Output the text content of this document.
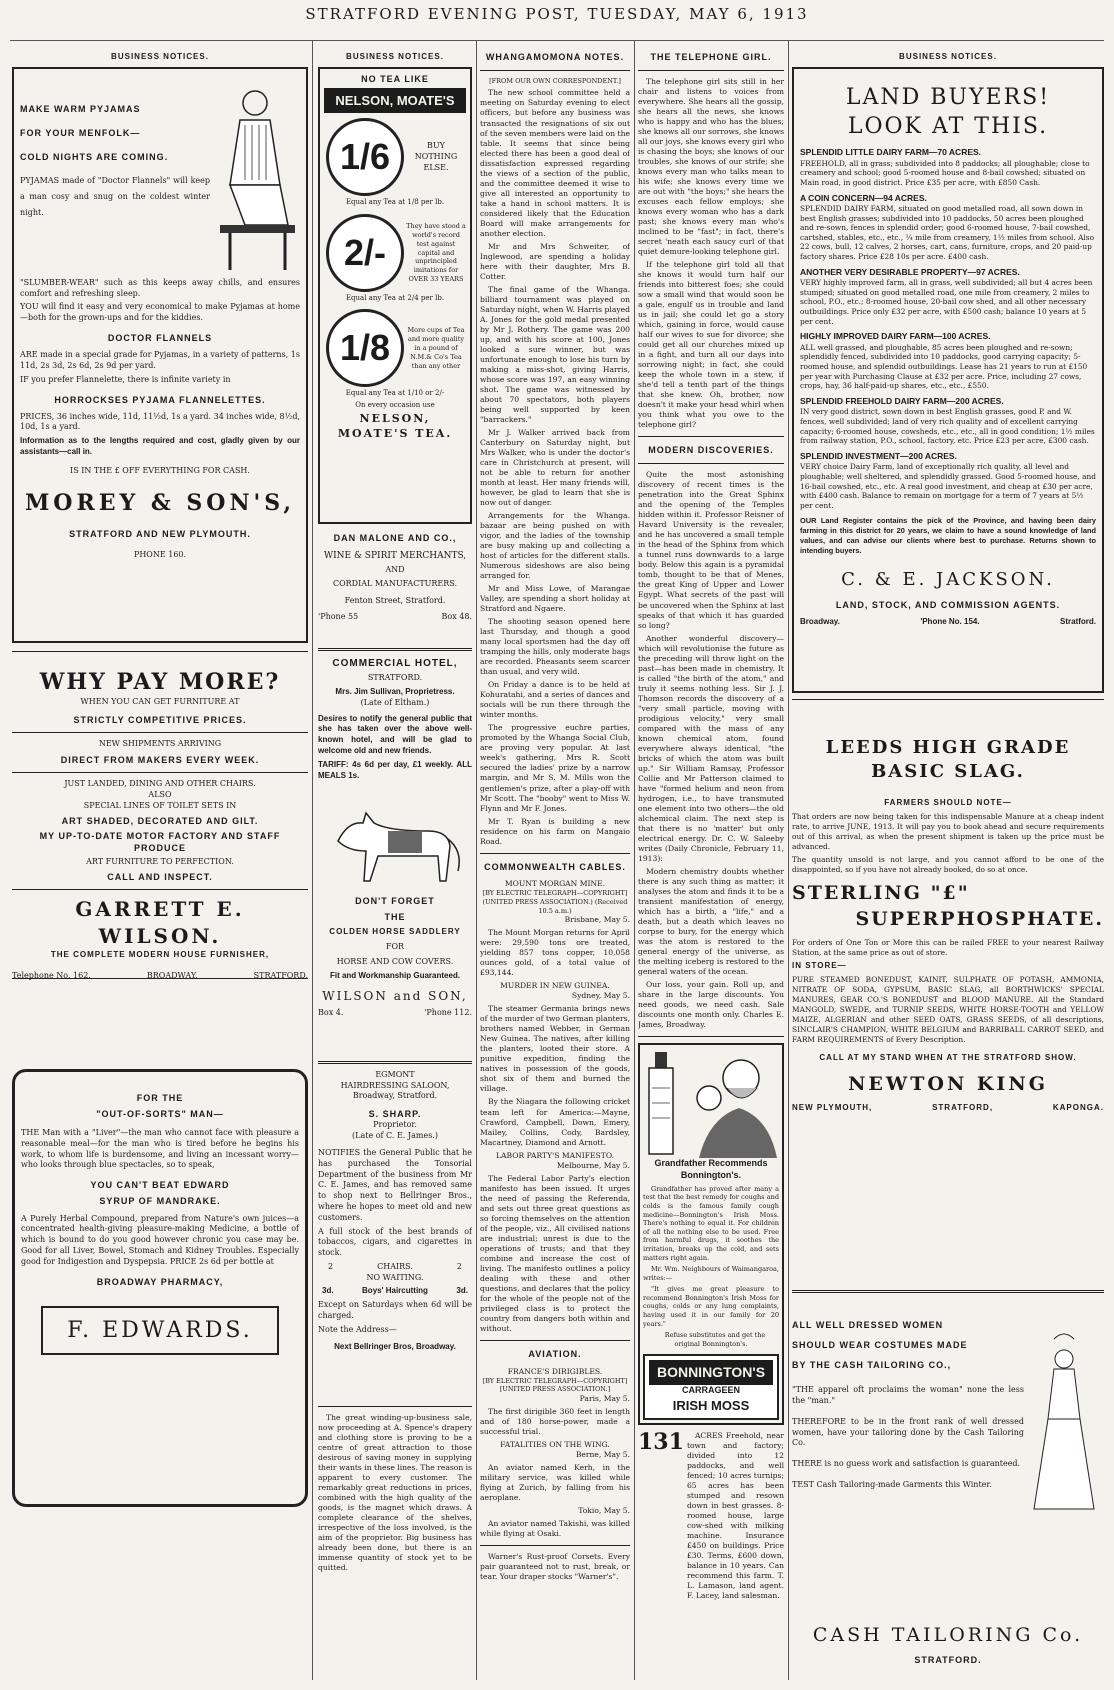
STRATFORD EVENING POST, TUESDAY, MAY 6, 1913
BUSINESS NOTICES.
MAKE WARM PYJAMAS
FOR YOUR MENFOLK—
COLD NIGHTS ARE COMING.

PYJAMAS made of "Doctor Flannels" will keep a man cosy and snug on the coldest winter night.

"SLUMBER-WEAR" such as this keeps away chills, and ensures comfort and refreshing sleep.

YOU will find it easy and very economical to make Pyjamas at home—both for the grown-ups and for the kiddies.

DOCTOR FLANNELS

ARE made in a special grade for Pyjamas, in a variety of patterns, 1s 11d, 2s 3d, 2s 6d, 2s 9d per yard.

IF you prefer Flannelette, there is infinite variety in

HORROCKSES PYJAMA FLANNELETTES.

PRICES, 36 inches wide, 11d, 11½d, 1s a yard. 34 inches wide, 8½d, 10d, 1s a yard.

Information as to the lengths required and cost, gladly given by our assistants—call in.

IS IN THE £ OFF EVERYTHING FOR CASH.

MOREY & SON'S,
STRATFORD AND NEW PLYMOUTH.
PHONE 160.
WHY PAY MORE?
WHEN YOU CAN GET FURNITURE AT
STRICTLY COMPETITIVE PRICES.
NEW SHIPMENTS ARRIVING
DIRECT FROM MAKERS EVERY WEEK.
JUST LANDED, DINING AND OTHER CHAIRS.
ALSO
SPECIAL LINES OF TOILET SETS IN
ART SHADED, DECORATED AND GILT.
MY UP-TO-DATE MOTOR FACTORY AND STAFF PRODUCE
ART FURNITURE TO PERFECTION.
CALL AND INSPECT.
GARRETT E. WILSON.
THE COMPLETE MODERN HOUSE FURNISHER,
Telephone No. 162.	BROADWAY,	STRATFORD.
FOR THE
"OUT-OF-SORTS" MAN—

THE Man with a "Liver"—the man who cannot face with pleasure a reasonable meal—for the man who is tired before he begins his work, to whom life is burdensome, and living an incessant worry—who looks through blue spectacles, so to speak,

YOU CAN'T BEAT EDWARD
SYRUP OF MANDRAKE.

A Purely Herbal Compound, prepared from Nature's own juices—a concentrated health-giving pleasure-making Medicine, a bottle of which is bound to do you good however chronic you case may be. Good for all Liver, Bowel, Stomach and Kidney Troubles. Especially good for Indigestion and Dyspepsia. PRICE 2s 6d per bottle at

BROADWAY PHARMACY,
F. EDWARDS.
BUSINESS NOTICES.
NO TEA LIKE
NELSON, MOATE'S
1/6	BUY NOTHING ELSE.
Equal any Tea at 1/8 per lb.
2/-
They have stood a world's record test against capital and unprincipled imitations for OVER 33 YEARS
Equal any Tea at 2/4 per lb.
1/8	More cups of Tea and more quality in a pound of N.M.& Co's Tea than any other
Equal any Tea at 1/10 or 2/-
On every occasion use
NELSON, MOATE'S TEA.
DAN MALONE AND CO.,
WINE & SPIRIT MERCHANTS,
AND
CORDIAL MANUFACTURERS.
Fenton Street, Stratford.
'Phone 55	Box 48.
COMMERCIAL HOTEL,
STRATFORD.
Mrs. Jim Sullivan, Proprietress.
(Late of Eltham.)

Desires to notify the general public that she has taken over the above well-known hotel, and will be glad to welcome old and new friends.

TARIFF: 4s 6d per day, £1 weekly. ALL MEALS 1s.

DON'T FORGET
THE
COLDEN HORSE SADDLERY
FOR
HORSE AND COW COVERS.
Fit and Workmanship Guaranteed.
WILSON and SON,
Box 4.	'Phone 112.
EGMONT
HAIRDRESSING SALOON,
Broadway, Stratford.
S. SHARP.
Proprietor.
(Late of C. E. James.)

NOTIFIES the General Public that he has purchased the Tonsorial Department of the business from Mr C. E. James, and has removed same to shop next to Bellringer Bros., where he hopes to meet old and new customers.

A full stock of the best brands of tobaccos, cigars, and cigarettes in stock.

2	CHAIRS.	2
NO WAITING.
3d.	Boys' Haircutting	3d.

Except on Saturdays when 6d will be charged.

Note the Address—
Next Bellringer Bros, Broadway.

The great winding-up-business sale, now proceeding at A. Spence's drapery and clothing store is proving to be a centre of great attraction to those desirous of saving money in supplying their wants in these lines. The reason is apparent to every customer. The remarkably great reductions in prices, combined with the high quality of the goods, is the magnet which draws. A complete clearance of the shelves, irrespective of the loss involved, is the aim of the proprietor. Big business has already been done, but there is an immense quantity of stock yet to be quitted.

WHANGAMOMONA NOTES.
[FROM OUR OWN CORRESPONDENT.]

The new school committee held a meeting on Saturday evening to elect officers, but before any business was transacted the resignations of six out of the seven members were laid on the table. It seems that since being elected there has been a good deal of dissatisfaction expressed regarding the views of a section of the public, and the committee deemed it wise to give all interested an opportunity to take a hand in school matters. It is considered likely that the Education Board will make arrangements for another election.

Mr and Mrs Schweiter, of Inglewood, are spending a holiday here with their daughter, Mrs B. Cotter.

The final game of the Whanga. billiard tournament was played on Saturday night, when W. Harris played A. Jones for the gold medal presented by Mr J. Rothery. The game was 200 up, and with his score at 100, Jones looked a sure winner, but was unfortunate enough to lose his turn by making a miss-shot, giving Harris, whose score was 197, an easy winning shot. The game was witnessed by about 70 spectators, both players being well supported by keen "barrackers."

Mr J. Walker arrived back from Canterbury on Saturday night, but Mrs Walker, who is under the doctor's care in Christchurch at present, will not be able to return for another month at least. Her many friends will, however, be glad to learn that she is now out of danger.

Arrangements for the Whanga. bazaar are being pushed on with vigor, and the ladies of the township are busy making up and collecting a host of articles for the different stalls. Numerous sideshows are also being arranged for.

Mr and Miss Lowe, of Marangae Valley, are spending a short holiday at Stratford and Ngaere.

The shooting season opened here last Thursday, and though a good many local sportsmen had the day off tramping the hills, only moderate bags are recorded. Pheasants seem scarcer than usual, and very wild.

On Friday a dance is to be held at Kohuratahi, and a series of dances and socials will be run there through the winter months.

The progressive euchre parties, promoted by the Whanga Social Club, are proving very popular. At last week's gathering, Mrs R. Scott secured the ladies' prize by a narrow margin, and Mr S. M. Mills won the gentlemen's prize, after a play-off with Mr Scott. The "booby" went to Miss W. Flynn and Mr F. Jones.

Mr T. Ryan is building a new residence on his farm on Mangaio Road.

COMMONWEALTH CABLES.
MOUNT MORGAN MINE.
[BY ELECTRIC TELEGRAPH—COPYRIGHT] (UNITED PRESS ASSOCIATION.) (Received 10.5 a.m.)
Brisbane, May 5.

The Mount Morgan returns for April were: 29,590 tons ore treated, yielding 857 tons copper, 10,058 ounces gold, of a total value of £93,144.

MURDER IN NEW GUINEA.
Sydney, May 5.

The steamer Germania brings news of the murder of two German planters, brothers named Webber, in German New Guinea. The natives, after killing the planters, looted their store. A punitive expedition, finding the natives in possession of the goods, shot six of them and burned the village.

By the Niagara the following cricket team left for America:—Mayne, Crawford, Campbell, Down, Emery, Mailey, Collins, Cody, Bardsley, Macartney, Diamond and Arnott.

LABOR PARTY'S MANIFESTO.
Melbourne, May 5.

The Federal Labor Party's election manifesto has been issued. It urges the need of passing the Referenda, and sets out three great questions as so forcing themselves on the attention of the people, viz., All civilised nations are industrial; unrest is due to the operations of trusts; and that they combine and increase the cost of living. The manifesto outlines a policy dealing with these and other questions, and declares that the policy for the whole of the people not of the privileged class is to protect the country from dangers both within and without.

AVIATION.
FRANCE'S DIRIGIBLES.
[BY ELECTRIC TELEGRAPH—COPYRIGHT] [UNITED PRESS ASSOCIATION.]
Paris, May 5.

The first dirigible 360 feet in length and of 180 horse-power, made a successful trial.

FATALITIES ON THE WING.
Berne, May 5.

An aviator named Kerh, in the military service, was killed while flying at Zurich, by falling from his aeroplane.

Tokio, May 5.

An aviator named Takishi, was killed while flying at Osaki.

Warner's Rust-proof Corsets. Every pair guaranteed not to rust, break, or tear. Your draper stocks "Warner's".

THE TELEPHONE GIRL.

The telephone girl sits still in her chair and listens to voices from everywhere. She hears all the gossip, she hears all the news, she knows who is happy and who has the blues; she knows all our sorrows, she knows all our joys, she knows every girl who is chasing the boys; she knows of our troubles, she knows of our strife; she knows every man who talks mean to his wife; she knows every time we are out with "the boys;" she hears the excuses each fellow employs; she knows every woman who has a dark past; she knows every man who's inclined to be "fast"; in fact, there's secret 'neath each saucy curl of that quiet demure-looking telephone girl.

If the telephone girl told all that she knows it would turn half our friends into bitterest foes; she could sow a small wind that would soon be a gale, engulf us in trouble and land us in jail; she could let go a story which, gaining in force, would cause half our wives to sue for divorce; she could get all our churches mixed up in a fight, and turn all our days into sorrowing night; in fact, she could keep the whole town in a stew, if she'd tell a tenth part of the things that she knew. Oh, brother, now doesn't it make your head whirl when you think what you owe to the telephone girl?

MODERN DISCOVERIES.

Quite the most astonishing discovery of recent times is the penetration into the Great Sphinx and the opening of the Temples hidden within it. Professor Reisner of Havard University is the revealer, and he has uncovered a small temple in the head of the Sphinx from which a tunnel runs downwards to a large body. Below this again is a pyramidal tomb, thought to be that of Menes, the great King of Upper and Lower Egypt. What secrets of the past will be uncovered when the Sphinx at last speaks of that which it has guarded so long?

Another wonderful discovery—which will revolutionise the future as the preceding will throw light on the past—has been made in chemistry. It is called "the birth of the atom," and truly it seems nothing less. Sir J. J. Thomson records the discovery of a "very small particle, moving with prodigious velocity," very small compared with the mass of any known chemical atom, found everywhere always identical, "the bricks of which the atom was built up." Sir William Ramsay, Professor Collie and Mr Patterson claimed to have "formed helium and neon from hydrogen, i.e., to have transmuted one element into two others—the old alchemical claim. The next step is that there is no 'matter' but only electrical energy. Dr. C. W. Saleeby writes (Daily Chronicle, February 11, 1913):

Modern chemistry doubts whether there is any such thing as matter; it analyses the atom and finds it to be a transient manifestation of energy, which has a birth, a "life," and a death, but a death which leaves no corpse to bury, for the energy which was the atom is restored to the general energy of the universe, as the melting iceberg is restored to the general waters of the ocean.

Our loss, your gain. Roll up, and share in the large discounts. You need goods, we need cash. Sale discounts one month only. Charles E. James, Broadway.

Grandfather Recommends Bonnington's.

Grandfather has proved after many a test that the best remedy for coughs and colds is the famous family cough medicine—Bonnington's Irish Moss. There's nothing to equal it. For children of all the nothing else to be used. Free from harmful drugs, it soothes the irritation, breaks up the cold, and sets matters right again.

Mr. Wm. Neighbours of Waimangaroa, writes:—

"It gives me great pleasure to recommend Bonnington's Irish Moss for coughs, colds or any lung complaints, having used it in our family for 20 years."

Refuse substitutes and get the original Bonnington's.

BONNINGTON'S
CARRAGEEN
IRISH MOSS
131	ACRES Freehold, near town and factory; divided into 12 paddocks, and well fenced; 10 acres turnips; 65 acres has been stumped and resown down in best grasses. 8-roomed house, large cow-shed with milking machine. Insurance £450 on buildings. Price £30. Terms, £600 down, balance in 10 years. Can recommend this farm. T. L. Lamason, land agent. F. Lacey, land salesman.

BUSINESS NOTICES.
LAND BUYERS!
LOOK AT THIS.
SPLENDID LITTLE DAIRY FARM—70 ACRES.
FREEHOLD, all in grass; subdivided into 8 paddocks; all ploughable; close to creamery and school; good 5-roomed house and 8-bail cowshed; situated on Main road, in good district. Price £35 per acre, with £850 Cash.
A COIN CONCERN—94 ACRES.
SPLENDID DAIRY FARM, situated on good metalled road, all sown down in best English grasses; subdivided into 10 paddocks, 50 acres been ploughed and re-sown, fences in splendid order; good 6-roomed house, 7-bail cowshed, cartshed, stables, etc., etc., ¼ mile from creamery, 1½ miles from school. Also 22 cows, bull, 12 calves, 2 horses, cart, cans, furniture, crops, and 20 paid-up factory shares. Price £28 10s per acre. £400 cash.
ANOTHER VERY DESIRABLE PROPERTY—97 ACRES.
VERY highly improved farm, all in grass, well subdivided; all but 4 acres been stumped; situated on good metalled road, one mile from creamery, 2 miles to school, P.O., etc.; 8-roomed house, 20-bail cow shed, and all other necessary outbuildings. Price only £32 per acre, with £500 cash; balance 10 years at 5 per cent.
HIGHLY IMPROVED DAIRY FARM—100 ACRES.
ALL well grassed, and ploughable, 85 acres been ploughed and re-sown; splendidly fenced, subdivided into 10 paddocks, good carrying capacity; 5-roomed house, and splendid outbuildings. Lease has 21 years to run at £150 per year with Purchasing Clause at £32 per acre. Price, including 27 cows, crops, hay, 36 half-paid-up shares, etc., etc., £550.
SPLENDID FREEHOLD DAIRY FARM—200 ACRES.
IN very good district, sown down in best English grasses, good P. and W. fences, well subdivided; land of very rich quality and of excellent carrying capacity; 6-roomed house, cowsheds, etc., etc., all in good condition; 1½ miles from railway station, P.O., school, factory, etc. Price £23 per acre, £300 cash.
SPLENDID INVESTMENT—200 ACRES.
VERY choice Dairy Farm, land of exceptionally rich quality, all level and ploughable; well sheltered, and splendidly grassed. Good 5-roomed house, and 16-bail cowshed, etc., etc. A real good investment, and cheap at £30 per acre, with £400 cash. Balance to remain on mortgage for a term of 7 years at 5½ per cent.

OUR Land Register contains the pick of the Province, and having been dairy farming in this district for 20 years, we claim to have a sound knowledge of land values, and can advise our clients where best to purchase. Returns shown to intending buyers.

C. & E. JACKSON.
LAND, STOCK, AND COMMISSION AGENTS.
Broadway.	'Phone No. 154.	Stratford.
LEEDS HIGH GRADE BASIC SLAG.
FARMERS SHOULD NOTE—

That orders are now being taken for this indispensable Manure at a cheap indent rate, to arrive JUNE, 1913. It will pay you to book ahead and secure requirements out of this arrival, as when the present shipment is taken up the price must be advanced.

The quantity unsold is not large, and you cannot afford to be one of the disappointed, so if you have not already booked, do so at once.

STERLING "£"
SUPERPHOSPHATE.

For orders of One Ton or More this can be railed FREE to your nearest Railway Station, at the same price as out of store.

IN STORE—

PURE STEAMED BONEDUST, KAINIT, SULPHATE OF POTASH, AMMONIA, NITRATE OF SODA, GYPSUM, BASIC SLAG, all BORTHWICKS' SPECIAL MANURES, GEAR CO.'S BONEDUST and BLOOD MANURE. All the Standard MANGOLD, SWEDE, and TURNIP SEEDS, WHITE HORSE-TOOTH and YELLOW MAIZE, ALGERIAN and other SEED OATS, GRASS SEEDS, of all descriptions, SINCLAIR'S CHAMPION, WHITE BELGIUM and BARRIBALL CARROT SEED, and FARM REQUIREMENTS of Every Description.

CALL AT MY STAND WHEN AT THE STRATFORD SHOW.
NEWTON KING
NEW PLYMOUTH,	STRATFORD,	KAPONGA.
ALL WELL DRESSED WOMEN
SHOULD WEAR COSTUMES MADE
BY THE CASH TAILORING CO.,

"THE apparel oft proclaims the woman" none the less the "man."

THEREFORE to be in the front rank of well dressed women, have your tailoring done by the Cash Tailoring Co.

THERE is no guess work and satisfaction is guaranteed.

TEST Cash Tailoring-made Garments this Winter.

CASH TAILORING Co.
STRATFORD.
